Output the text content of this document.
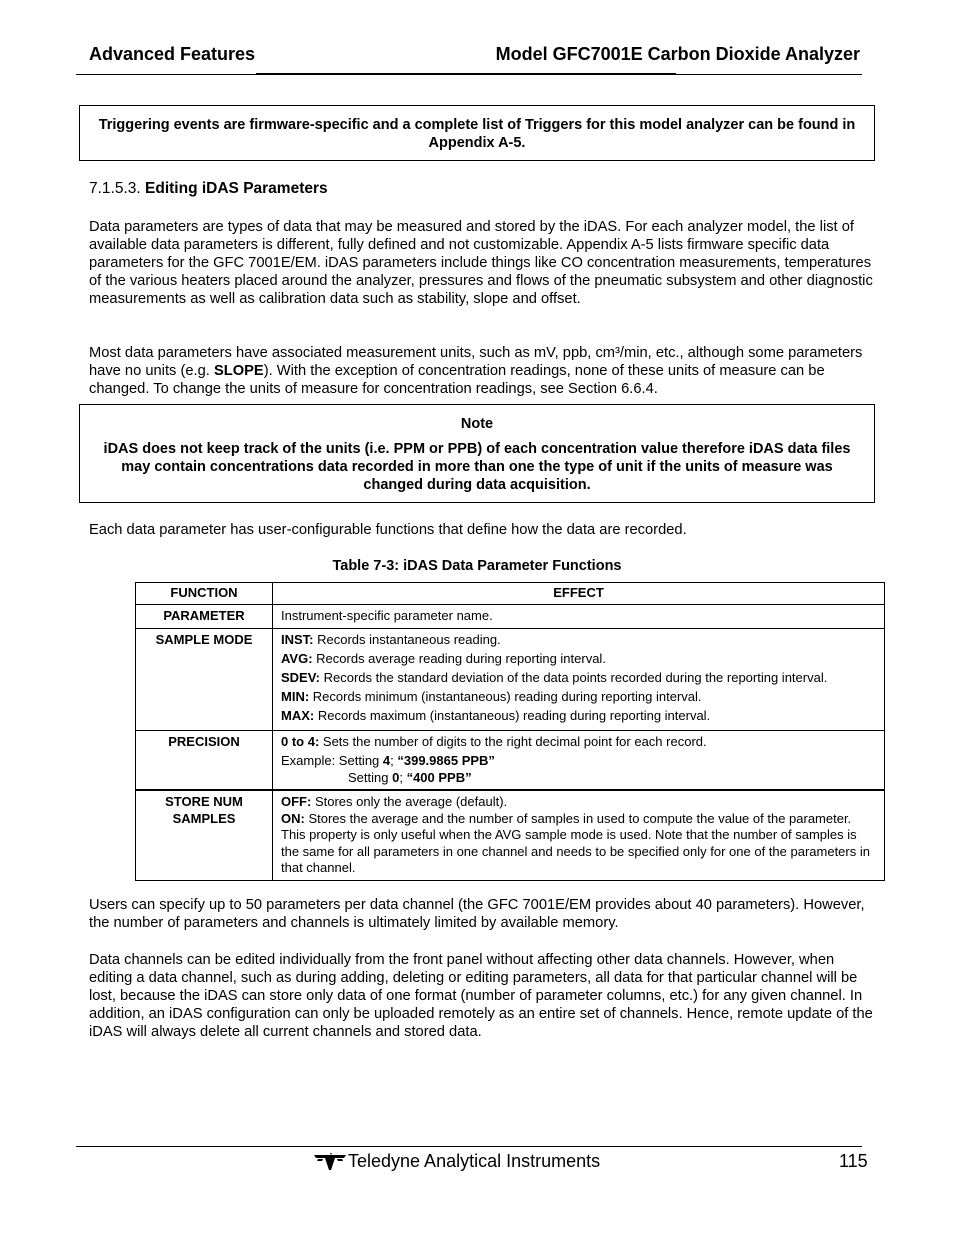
Advanced Features	Model GFC7001E Carbon Dioxide Analyzer
Triggering events are firmware-specific and a complete list of Triggers for this model analyzer can be found in Appendix A-5.
7.1.5.3. Editing iDAS Parameters
Data parameters are types of data that may be measured and stored by the iDAS. For each analyzer model, the list of available data parameters is different, fully defined and not customizable. Appendix A-5 lists firmware specific data parameters for the GFC 7001E/EM. iDAS parameters include things like CO concentration measurements, temperatures of the various heaters placed around the analyzer, pressures and flows of the pneumatic subsystem and other diagnostic measurements as well as calibration data such as stability, slope and offset.
Most data parameters have associated measurement units, such as mV, ppb, cm³/min, etc., although some parameters have no units (e.g. SLOPE). With the exception of concentration readings, none of these units of measure can be changed. To change the units of measure for concentration readings, see Section 6.6.4.
Note
iDAS does not keep track of the units (i.e. PPM or PPB) of each concentration value therefore iDAS data files may contain concentrations data recorded in more than one the type of unit if the units of measure was changed during data acquisition.
Each data parameter has user-configurable functions that define how the data are recorded.
Table 7-3: iDAS Data Parameter Functions
FUNCTION	EFFECT
PARAMETER	Instrument-specific parameter name.
SAMPLE MODE	INST: Records instantaneous reading.
AVG: Records average reading during reporting interval.
SDEV: Records the standard deviation of the data points recorded during the reporting interval.
MIN: Records minimum (instantaneous) reading during reporting interval.
MAX: Records maximum (instantaneous) reading during reporting interval.

PRECISION	0 to 4: Sets the number of digits to the right decimal point for each record.
Example: Setting 4; “399.9865 PPB”
Setting 0; “400 PPB”

STORE NUM SAMPLES	OFF: Stores only the average (default).
ON: Stores the average and the number of samples in used to compute the value of the parameter. This property is only useful when the AVG sample mode is used. Note that the number of samples is the same for all parameters in one channel and needs to be specified only for one of the parameters in that channel.
Users can specify up to 50 parameters per data channel (the GFC 7001E/EM provides about 40 parameters). However, the number of parameters and channels is ultimately limited by available memory.
Data channels can be edited individually from the front panel without affecting other data channels. However, when editing a data channel, such as during adding, deleting or editing parameters, all data for that particular channel will be lost, because the iDAS can store only data of one format (number of parameter columns, etc.) for any given channel. In addition, an iDAS configuration can only be uploaded remotely as an entire set of channels. Hence, remote update of the iDAS will always delete all current channels and stored data.
Teledyne Analytical Instruments	115
